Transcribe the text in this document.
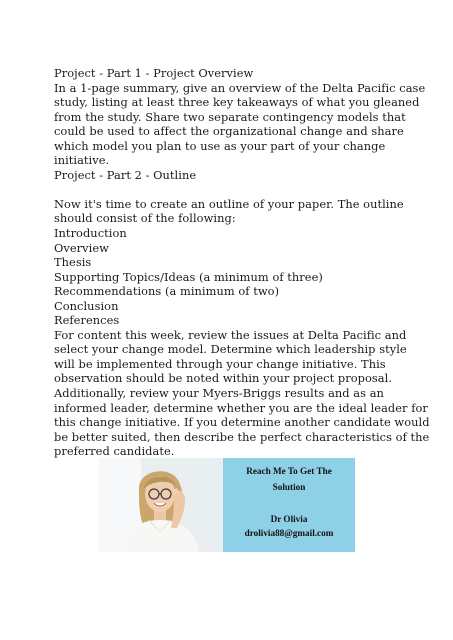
Project - Part 1 - Project Overview
In a 1-page summary, give an overview of the Delta Pacific case
study, listing at least three key takeaways of what you gleaned
from the study. Share two separate contingency models that
could be used to affect the organizational change and share
which model you plan to use as your part of your change
initiative.
Project - Part 2 - Outline
Now it's time to create an outline of your paper. The outline
should consist of the following:
Introduction
Overview
Thesis
Supporting Topics/Ideas (a minimum of three)
Recommendations (a minimum of two)
Conclusion
References
For content this week, review the issues at Delta Pacific and
select your change model. Determine which leadership style
will be implemented through your change initiative. This
observation should be noted within your project proposal.
Additionally, review your Myers-Briggs results and as an
informed leader, determine whether you are the ideal leader for
this change initiative. If you determine another candidate would
be better suited, then describe the perfect characteristics of the
preferred candidate.
Reach Me To Get The
Solution
Dr Olivia
drolivia88@gmail.com
